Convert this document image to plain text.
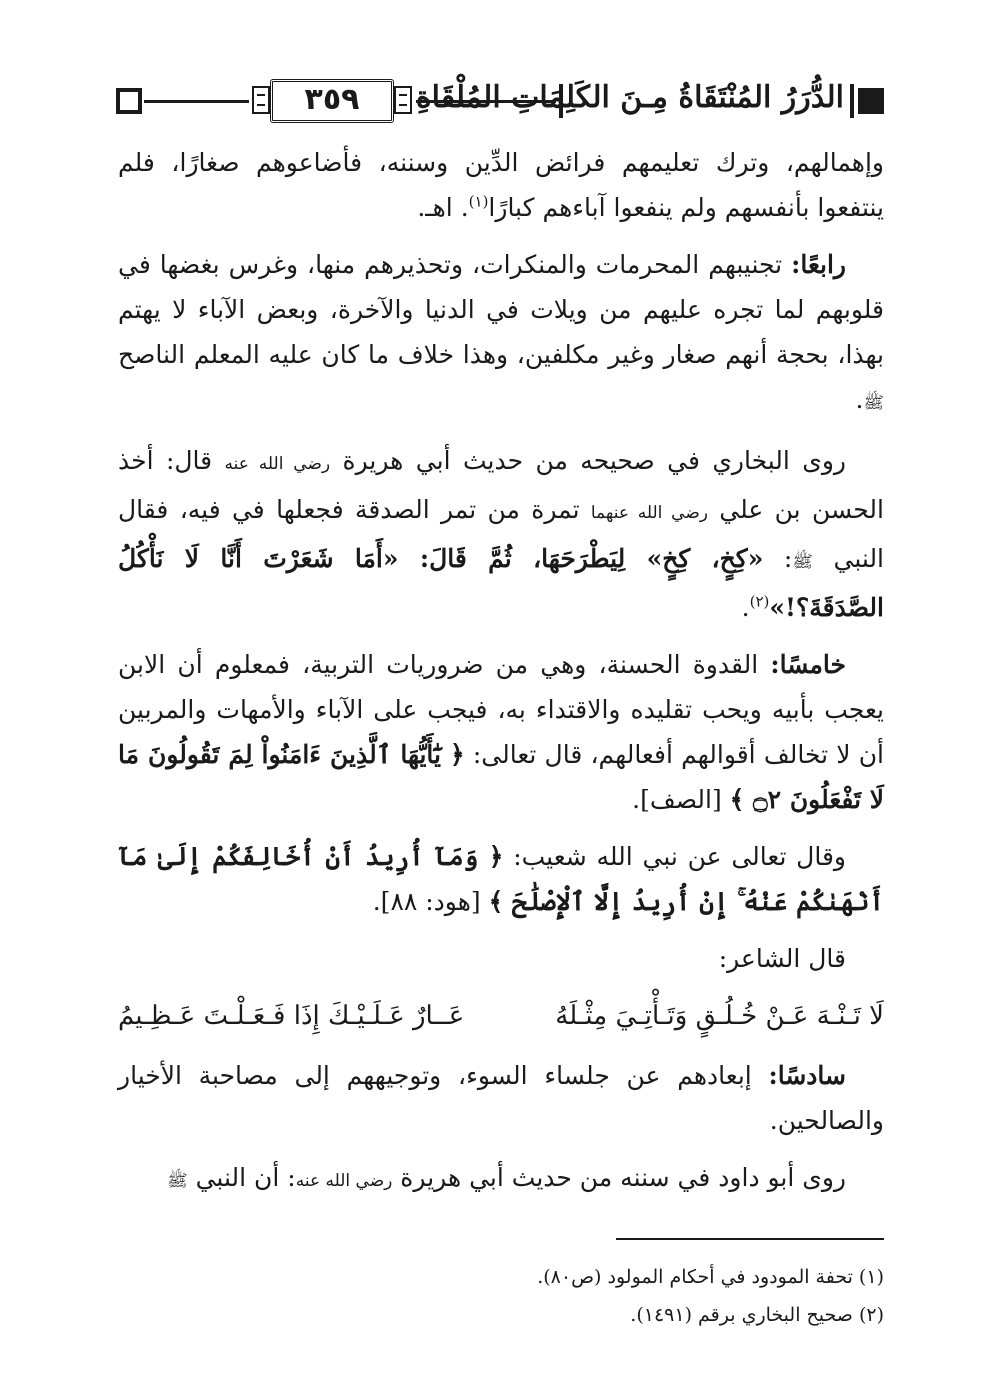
٣٥٩	الدُّرَرُ المُنْتَقَاةُ مِـنَ الكَلِمَاتِ المُلْقَاةِ

وإهمالهم، وترك تعليمهم فرائض الدِّين وسننه، فأضاعوهم صغارًا، فلم ينتفعوا بأنفسهم ولم ينفعوا آباءهم كبارًا$^{(١)}$. اهـ.

رابعًا: تجنيبهم المحرمات والمنكرات، وتحذيرهم منها، وغرس بغضها في قلوبهم لما تجره عليهم من ويلات في الدنيا والآخرة، وبعض الآباء لا يهتم بهذا، بحجة أنهم صغار وغير مكلفين، وهذا خلاف ما كان عليه المعلم الناصح ﷺ.

روى البخاري في صحيحه من حديث أبي هريرة رضي الله عنه قال: أخذ الحسن بن علي رضي الله عنهما تمرة من تمر الصدقة فجعلها في فيه، فقال النبي ﷺ: «كِخٍ، كِخٍ» لِيَطْرَحَهَا، ثُمَّ قَالَ: «أَمَا شَعَرْتَ أَنَّا لَا نَأْكُلُ الصَّدَقَةَ؟!»$^{(٢)}$.

خامسًا: القدوة الحسنة، وهي من ضروريات التربية، فمعلوم أن الابن يعجب بأبيه ويحب تقليده والاقتداء به، فيجب على الآباء والأمهات والمربين أن لا تخالف أقوالهم أفعالهم، قال تعالى: ﴿ يَٰٓأَيُّهَا ٱلَّذِينَ ءَامَنُواْ لِمَ تَقُولُونَ مَا لَا تَفْعَلُونَ ۝٢ ﴾ [الصف].

وقال تعالى عن نبي الله شعيب: ﴿ وَمَآ أُرِيدُ أَنْ أُخَالِفَكُمْ إِلَىٰ مَآ أَنْهَىٰكُمْ عَنْهُ ۚ إِنْ أُرِيدُ إِلَّا ٱلْإِصْلَٰحَ ﴾ [هود: ٨٨].

قال الشاعر:

لَا تَـنْـهَ عَـنْ خُـلُـقٍ وَتَـأْتِـيَ مِثْـلَهُ
عَــارٌ عَـلَـيْـكَ إِذَا فَـعَـلْـتَ عَـظِـيمُ

سادسًا: إبعادهم عن جلساء السوء، وتوجيههم إلى مصاحبة الأخيار والصالحين.

روى أبو داود في سننه من حديث أبي هريرة رضي الله عنه: أن النبي ﷺ

(١) تحفة المودود في أحكام المولود (ص٨٠).
(٢) صحيح البخاري برقم (١٤٩١).
